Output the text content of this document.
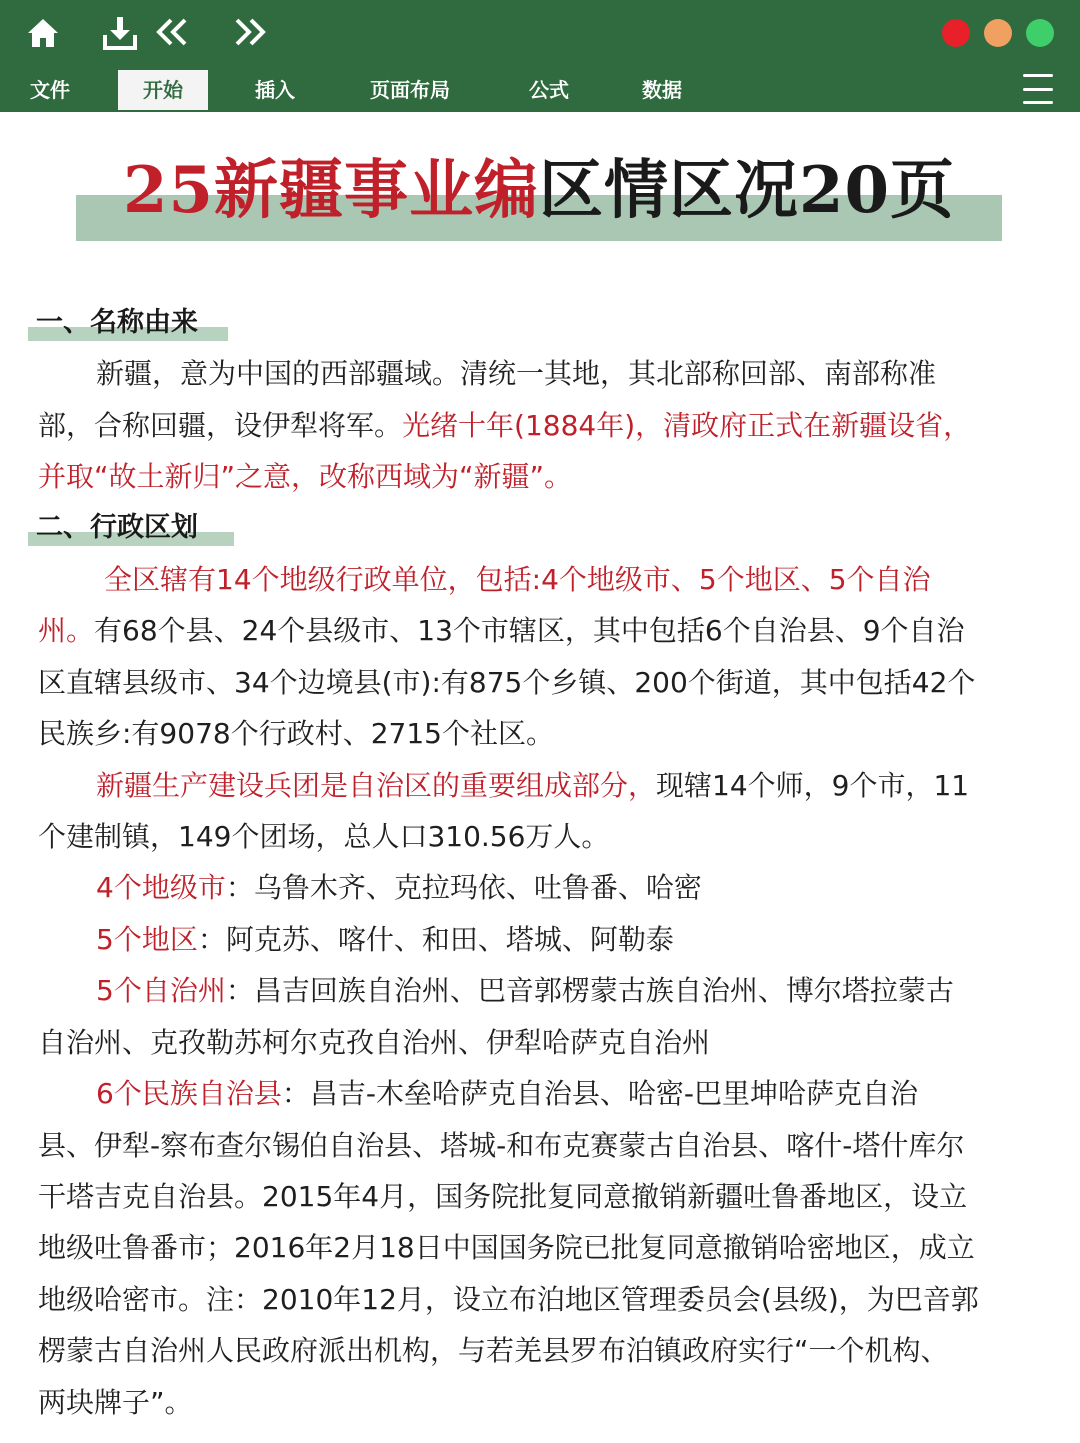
文件	开始	插入	页面布局	公式	数据
25新疆事业编区情区况20页
一、名称由来
新疆，意为中国的西部疆域。清统一其地，其北部称回部、南部称准
部，合称回疆，设伊犁将军。光绪十年(1884年)，清政府正式在新疆设省，
并取“故土新归”之意，改称西域为“新疆”。
二、行政区划
全区辖有14个地级行政单位，包括:4个地级市、5个地区、5个自治
州。有68个县、24个县级市、13个市辖区，其中包括6个自治县、9个自治
区直辖县级市、34个边境县(市):有875个乡镇、200个街道，其中包括42个
民族乡:有9078个行政村、2715个社区。
新疆生产建设兵团是自治区的重要组成部分，现辖14个师，9个市，11
个建制镇，149个团场，总人口310.56万人。
4个地级市：乌鲁木齐、克拉玛依、吐鲁番、哈密
5个地区：阿克苏、喀什、和田、塔城、阿勒泰
5个自治州：昌吉回族自治州、巴音郭楞蒙古族自治州、博尔塔拉蒙古
自治州、克孜勒苏柯尔克孜自治州、伊犁哈萨克自治州
6个民族自治县：昌吉-木垒哈萨克自治县、哈密-巴里坤哈萨克自治
县、伊犁-察布查尔锡伯自治县、塔城-和布克赛蒙古自治县、喀什-塔什库尔
干塔吉克自治县。2015年4月，国务院批复同意撤销新疆吐鲁番地区，设立
地级吐鲁番市；2016年2月18日中国国务院已批复同意撤销哈密地区，成立
地级哈密市。注：2010年12月，设立布泊地区管理委员会(县级)，为巴音郭
楞蒙古自治州人民政府派出机构，与若羌县罗布泊镇政府实行“一个机构、
两块牌子”。
